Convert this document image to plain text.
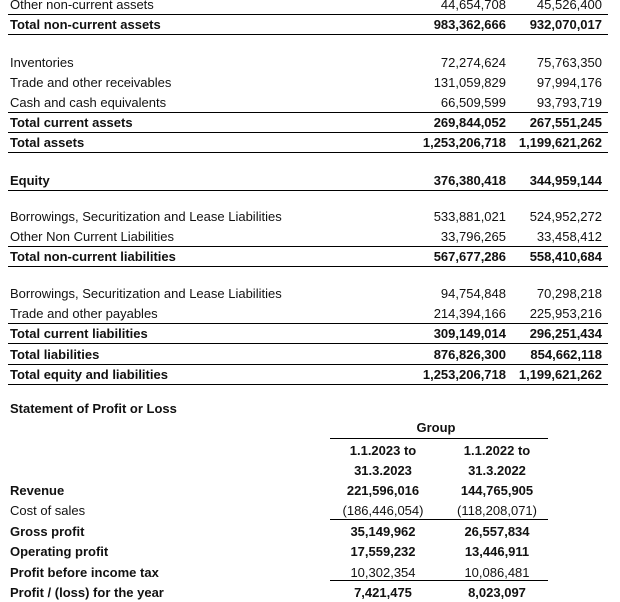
Other non-current assets	44,654,708 45,526,400
Total non-current assets	983,362,666 932,070,017
Inventories	72,274,624 75,763,350
Trade and other receivables	131,059,829 97,994,176
Cash and cash equivalents	66,509,599 93,793,719
Total current assets	269,844,052 267,551,245
Total assets	1,253,206,718 1,199,621,262
Equity	376,380,418 344,959,144
Borrowings, Securitization and Lease Liabilities	533,881,021 524,952,272
Other Non Current Liabilities	33,796,265 33,458,412
Total non-current liabilities	567,677,286 558,410,684
Borrowings, Securitization and Lease Liabilities	94,754,848 70,298,218
Trade and other payables	214,394,166 225,953,216
Total current liabilities	309,149,014 296,251,434
Total liabilities	876,826,300 854,662,118
Total equity and liabilities	1,253,206,718 1,199,621,262
Statement of Profit or Loss
Group
1.1.2023 to	1.1.2022 to
31.3.2023	31.3.2022
Revenue	221,596,016	144,765,905
Cost of sales	(186,446,054)	(118,208,071)
Gross profit	35,149,962	26,557,834
Operating profit	17,559,232	13,446,911
Profit before income tax	10,302,354	10,086,481
Profit / (loss) for the year	7,421,475	8,023,097
